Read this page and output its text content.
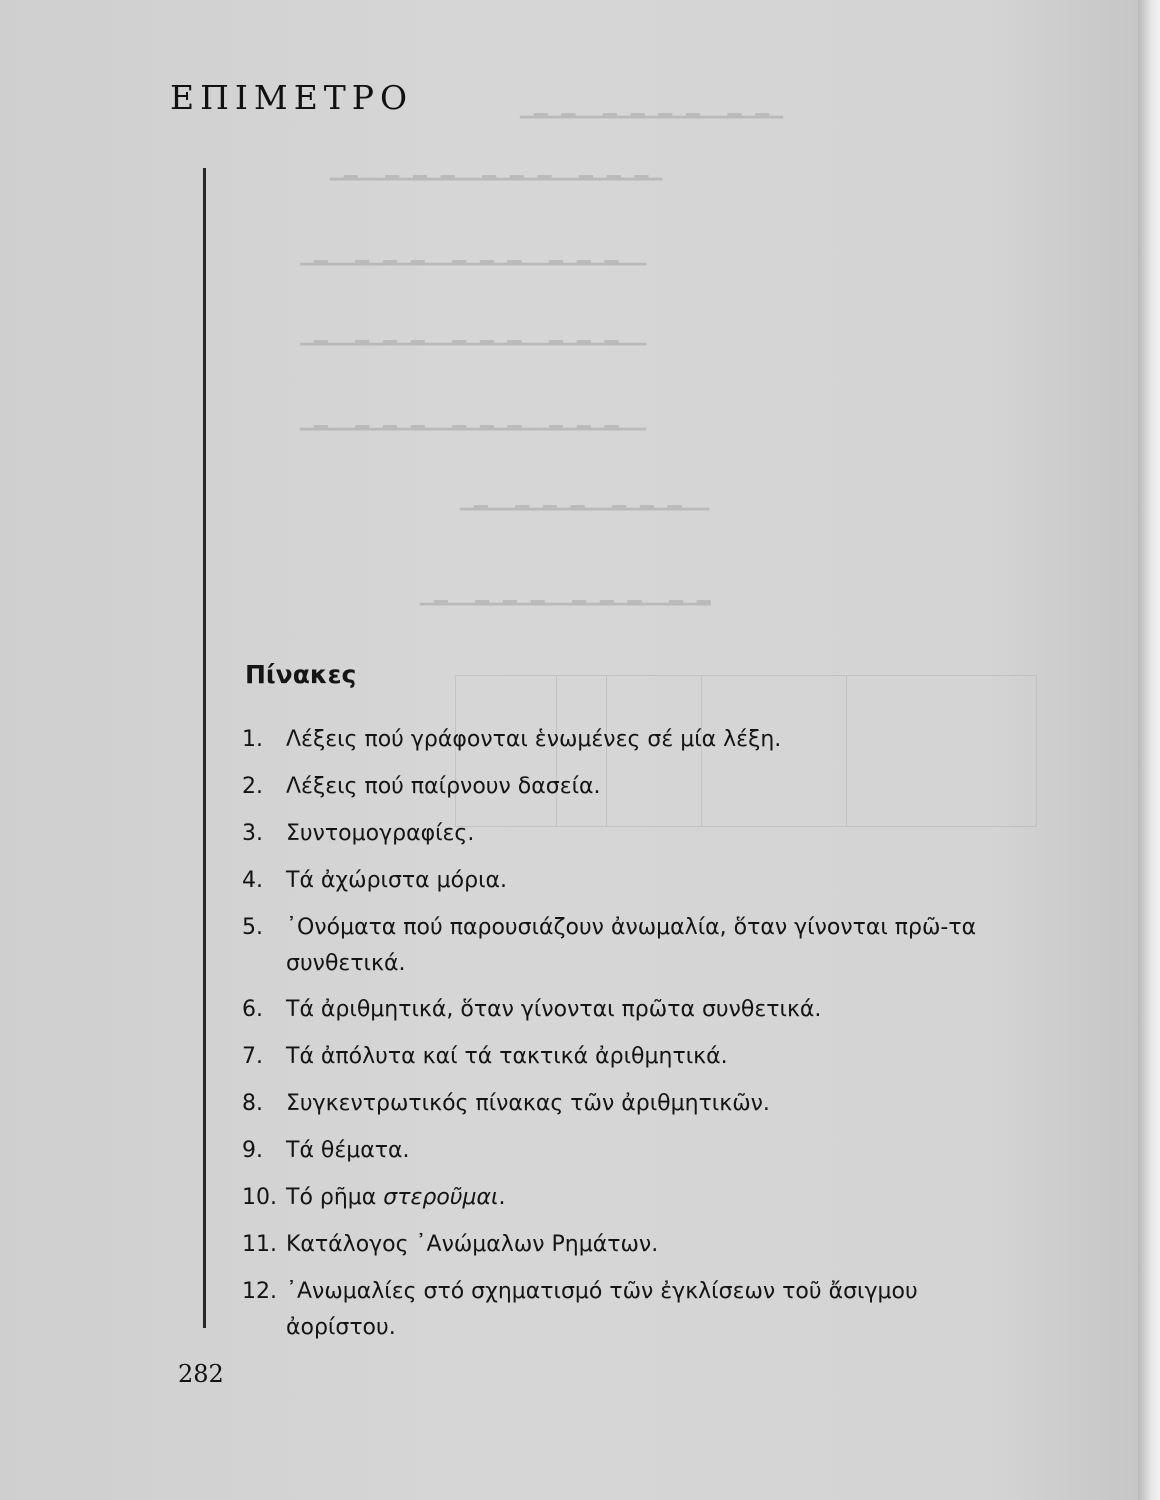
▁▂▁▂▁▁▂▁▂▁▂▁▂▁▁▂▁▂▁
▁▂▁▁▂▁▂▁▂▁▁▂▁▂▁▂▁▁▂▁▂▁▂▁
▁▂▁▁▂▁▂▁▂▁▁▂▁▂▁▂▁▁▂▁▂▁▂▁▁
▁▂▁▁▂▁▂▁▂▁▁▂▁▂▁▂▁▁▂▁▂▁▂▁▁
▁▂▁▁▂▁▂▁▂▁▁▂▁▂▁▂▁▁▂▁▂▁▂▁▁
▁▂▁▁▂▁▂▁▂▁▁▂▁▂▁▂▁▁
▁▂▁▁▂▁▂▁▂▁▁▂▁▂▁▂▁▁▂▁▂
ΕΠΙΜΕΤΡΟ
Πίνακες
1. Λέξεις πού γράφονται ἑνωμένες σέ μία λέξη.
2. Λέξεις πού παίρνουν δασεία.
3. Συντομογραφίες.
4. Τά ἀχώριστα μόρια.
5. ᾿Ονόματα πού παρουσιάζουν ἀνωμαλία, ὅταν γίνονται πρῶ-τα συνθετικά.
6. Τά ἀριθμητικά, ὅταν γίνονται πρῶτα συνθετικά.
7. Τά ἀπόλυτα καί τά τακτικά ἀριθμητικά.
8. Συγκεντρωτικός πίνακας τῶν ἀριθμητικῶν.
9. Τά θέματα.
10. Τό ρῆμα στεροῦμαι.
11. Κατάλογος ᾿Ανώμαλων Ρημάτων.
12. ᾿Ανωμαλίες στό σχηματισμό τῶν ἐγκλίσεων τοῦ ἄσιγμου ἀορίστου.
282
